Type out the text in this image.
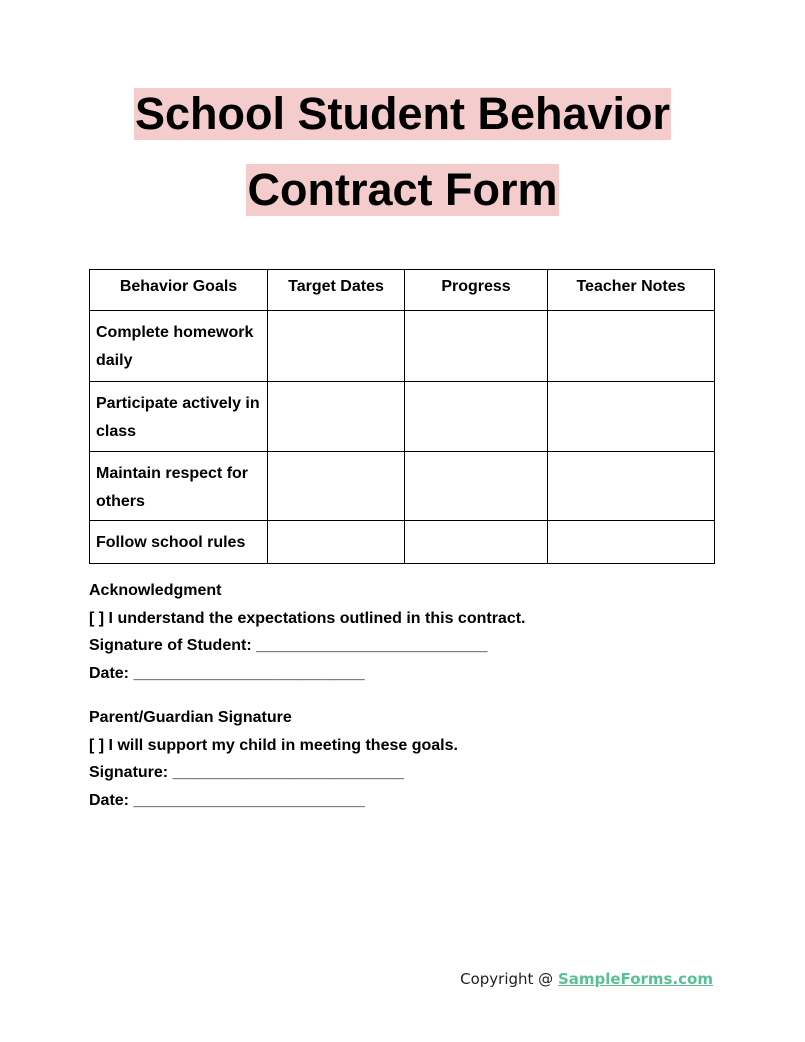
School Student Behavior
Contract Form
Behavior Goals	Target Dates	Progress	Teacher Notes
Complete homework daily			
Participate actively in class			
Maintain respect for others			
Follow school rules			
Acknowledgment
[ ] I understand the expectations outlined in this contract.
Signature of Student: __________________________
Date: __________________________
Parent/Guardian Signature
[ ] I will support my child in meeting these goals.
Signature: __________________________
Date: __________________________
Copyright @ SampleForms.com
